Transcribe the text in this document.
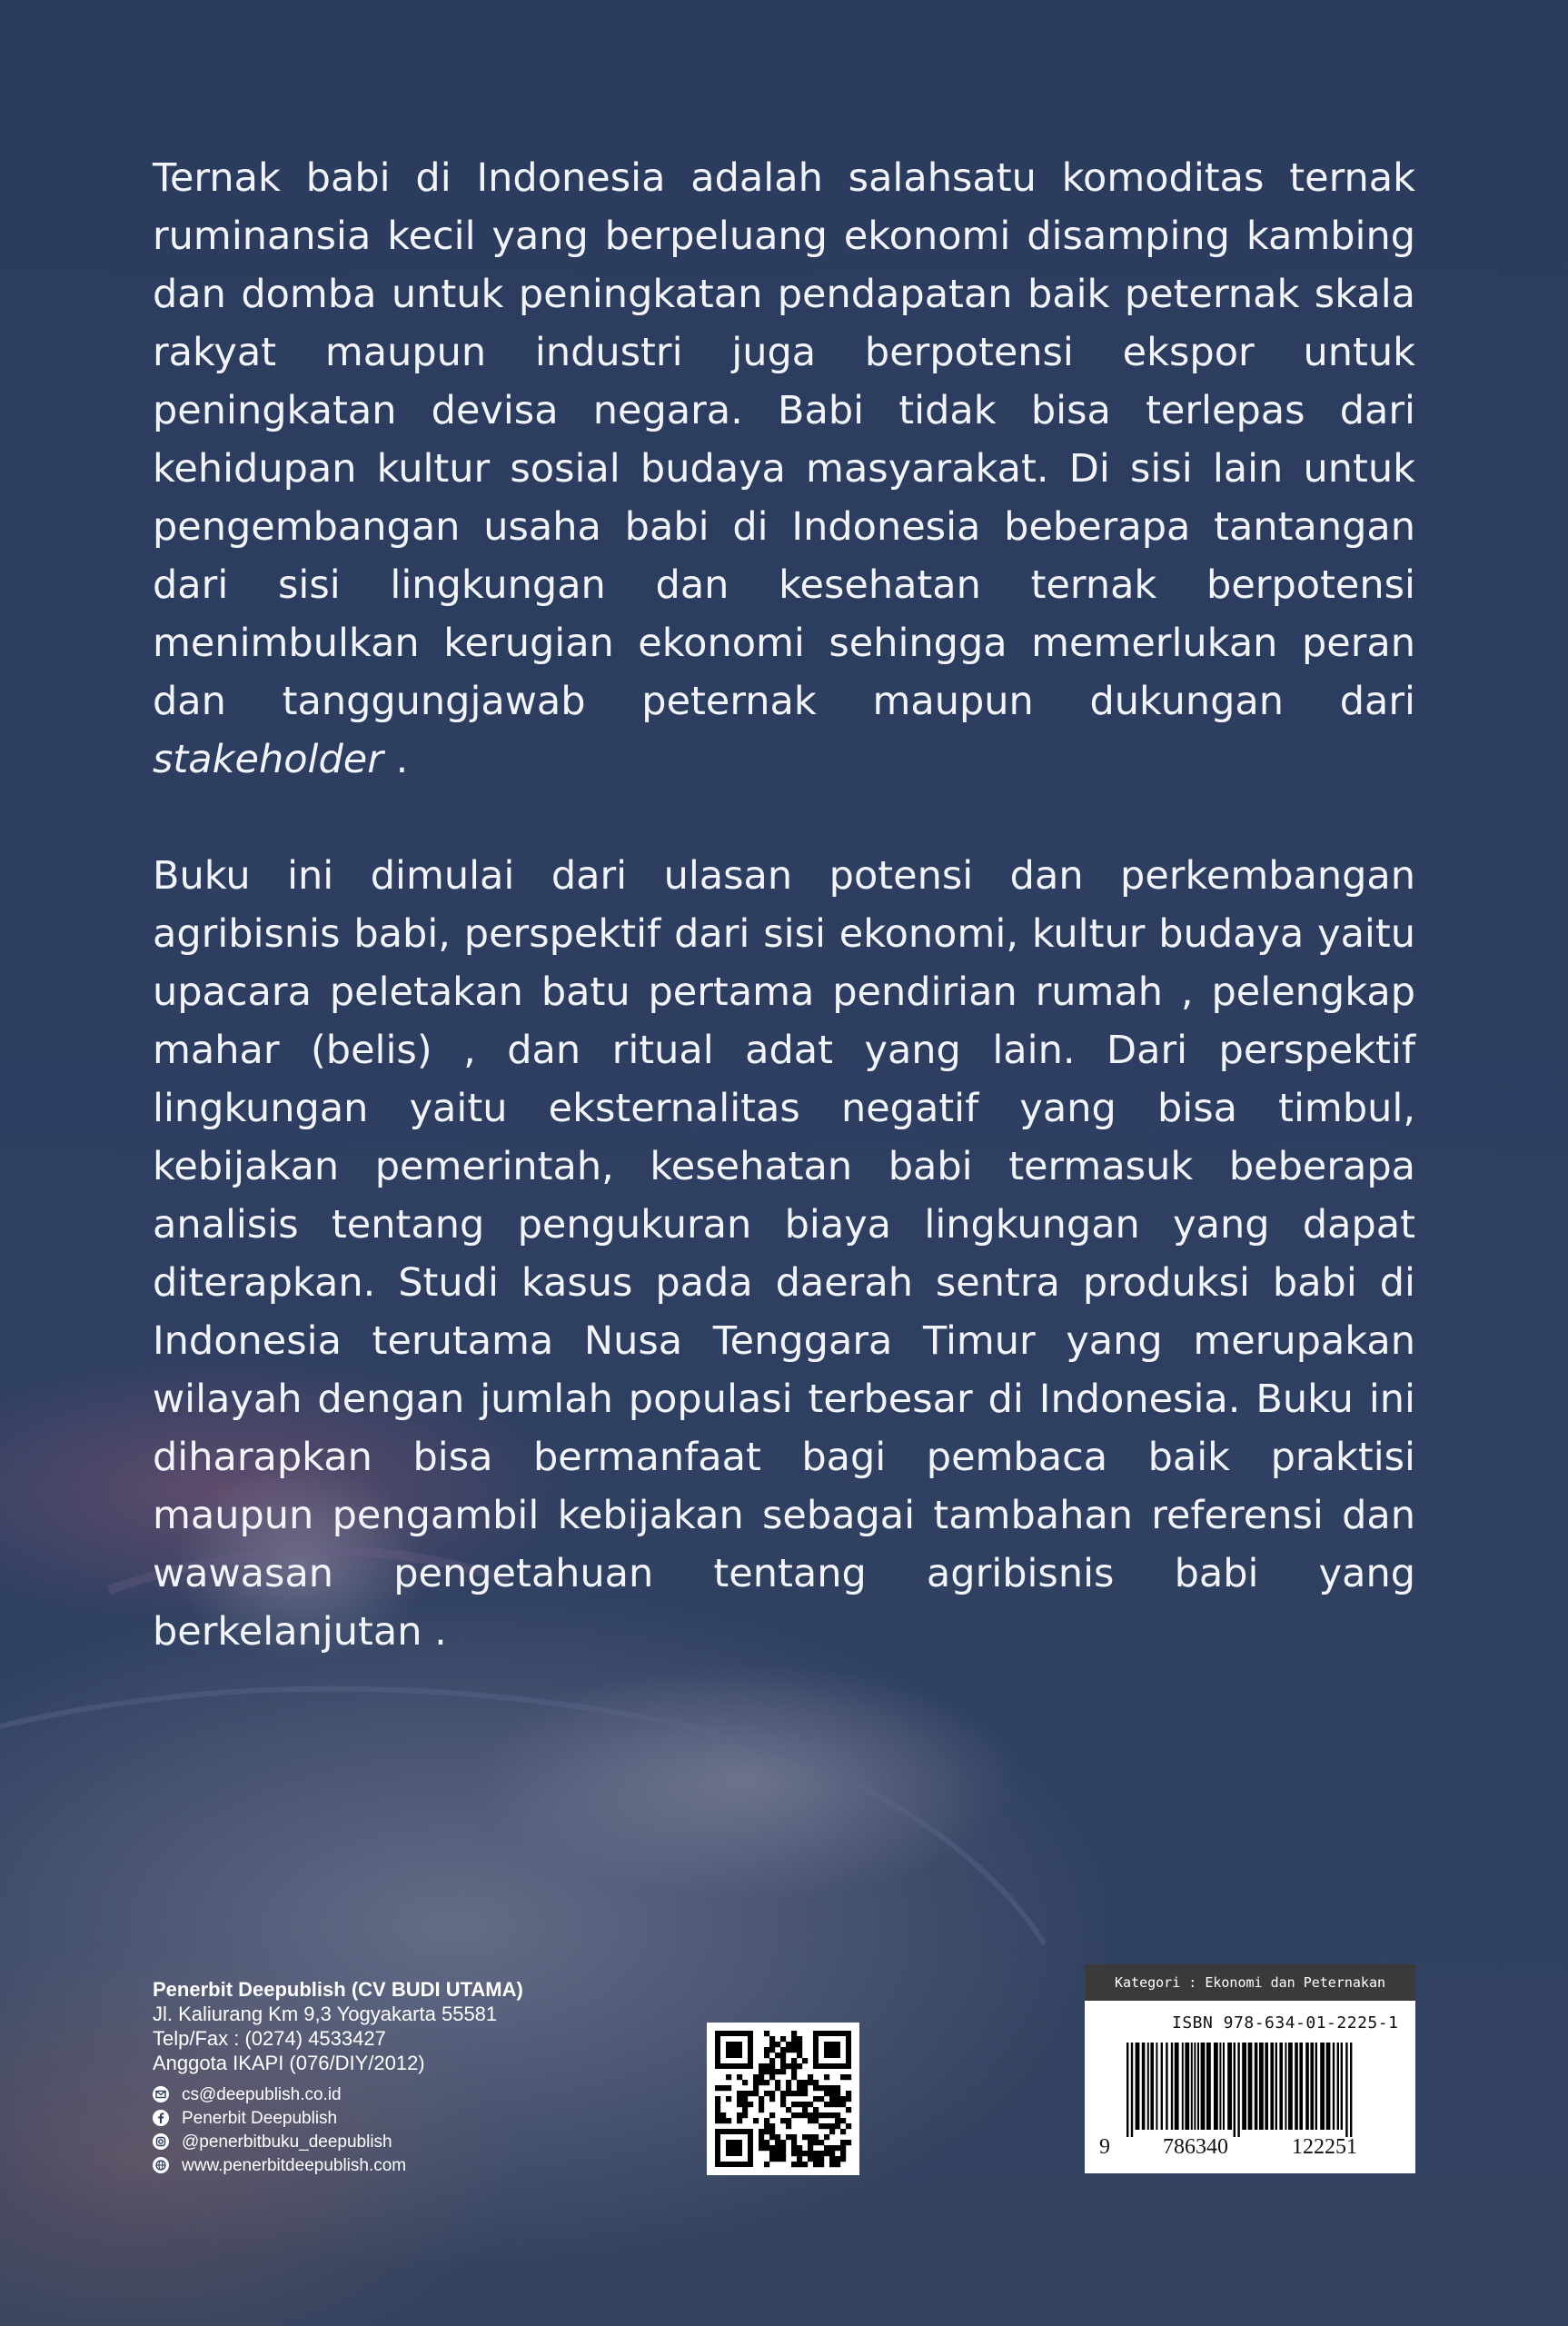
Ternak babi di Indonesia adalah salahsatu komoditas ternak ruminansia kecil yang berpeluang ekonomi disamping kambing dan domba untuk peningkatan pendapatan baik peternak skala rakyat maupun industri juga berpotensi ekspor untuk peningkatan devisa negara. Babi tidak bisa terlepas dari kehidupan kultur sosial budaya masyarakat. Di sisi lain untuk pengembangan usaha babi di Indonesia beberapa tantangan dari sisi lingkungan dan kesehatan ternak berpotensi menimbulkan kerugian ekonomi sehingga memerlukan peran dan tanggungjawab peternak maupun dukungan dari stakeholder .

Buku ini dimulai dari ulasan potensi dan perkembangan agribisnis babi, perspektif dari sisi ekonomi, kultur budaya yaitu upacara peletakan batu pertama pendirian rumah , pelengkap mahar (belis) , dan ritual adat yang lain. Dari perspektif lingkungan yaitu eksternalitas negatif yang bisa timbul, kebijakan pemerintah, kesehatan babi termasuk beberapa analisis tentang pengukuran biaya lingkungan yang dapat diterapkan. Studi kasus pada daerah sentra produksi babi di Indonesia terutama Nusa Tenggara Timur yang merupakan wilayah dengan jumlah populasi terbesar di Indonesia. Buku ini diharapkan bisa bermanfaat bagi pembaca baik praktisi maupun pengambil kebijakan sebagai tambahan referensi dan wawasan pengetahuan tentang agribisnis babi yang berkelanjutan .

Penerbit Deepublish (CV BUDI UTAMA)
Jl. Kaliurang Km 9,3 Yogyakarta 55581
Telp/Fax : (0274) 4533427
Anggota IKAPI (076/DIY/2012)
cs@deepublish.co.id
Penerbit Deepublish
@penerbitbuku_deepublish
www.penerbitdeepublish.com
Kategori : Ekonomi dan Peternakan
ISBN 978-634-01-2225-1
9 786340	122251
